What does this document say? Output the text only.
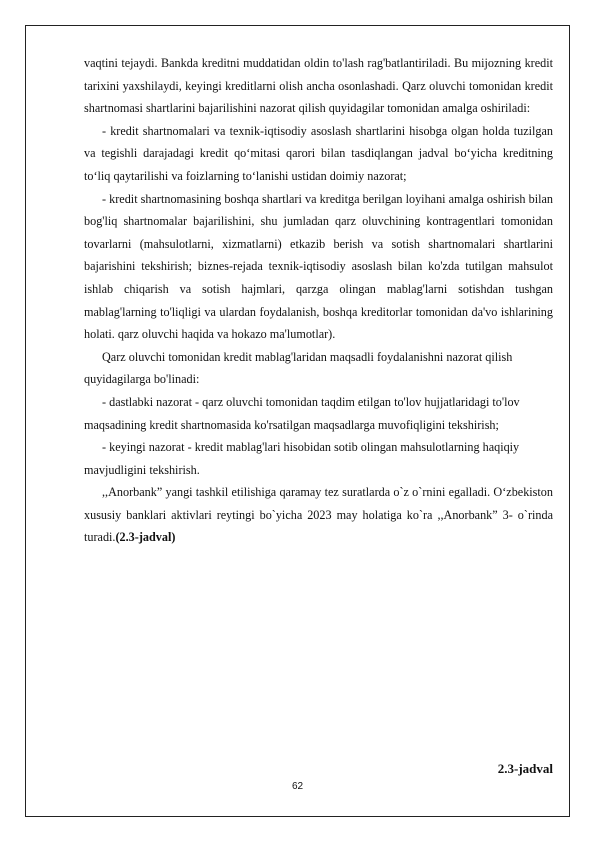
vaqtini tejaydi. Bankda kreditni muddatidan oldin to'lash rag'batlantiriladi. Bu mijozning kredit tarixini yaxshilaydi, keyingi kreditlarni olish ancha osonlashadi. Qarz oluvchi tomonidan kredit shartnomasi shartlarini bajarilishini nazorat qilish quyidagilar tomonidan amalga oshiriladi:

- kredit shartnomalari va texnik-iqtisodiy asoslash shartlarini hisobga olgan holda tuzilgan va tegishli darajadagi kredit qo‘mitasi qarori bilan tasdiqlangan jadval bo‘yicha kreditning to‘liq qaytarilishi va foizlarning to‘lanishi ustidan doimiy nazorat;

- kredit shartnomasining boshqa shartlari va kreditga berilgan loyihani amalga oshirish bilan bog'liq shartnomalar bajarilishini, shu jumladan qarz oluvchining kontragentlari tomonidan tovarlarni (mahsulotlarni, xizmatlarni) etkazib berish va sotish shartnomalari shartlarini bajarishini tekshirish; biznes-rejada texnik-iqtisodiy asoslash bilan ko'zda tutilgan mahsulot ishlab chiqarish va sotish hajmlari, qarzga olingan mablag'larni sotishdan tushgan mablag'larning to'liqligi va ulardan foydalanish, boshqa kreditorlar tomonidan da'vo ishlarining holati. qarz oluvchi haqida va hokazo ma'lumotlar).

Qarz oluvchi tomonidan kredit mablag'laridan maqsadli foydalanishni nazorat qilish quyidagilarga bo'linadi:

- dastlabki nazorat - qarz oluvchi tomonidan taqdim etilgan to'lov hujjatlaridagi to'lov maqsadining kredit shartnomasida ko'rsatilgan maqsadlarga muvofiqligini tekshirish;

- keyingi nazorat - kredit mablag'lari hisobidan sotib olingan mahsulotlarning haqiqiy mavjudligini tekshirish.

,,Anorbank” yangi tashkil etilishiga qaramay tez suratlarda o`z o`rnini egalladi. O‘zbekiston xususiy banklari aktivlari reytingi bo`yicha 2023 may holatiga ko`ra ,,Anorbank” 3- o`rinda turadi.(2.3-jadval)

2.3-jadval
62
